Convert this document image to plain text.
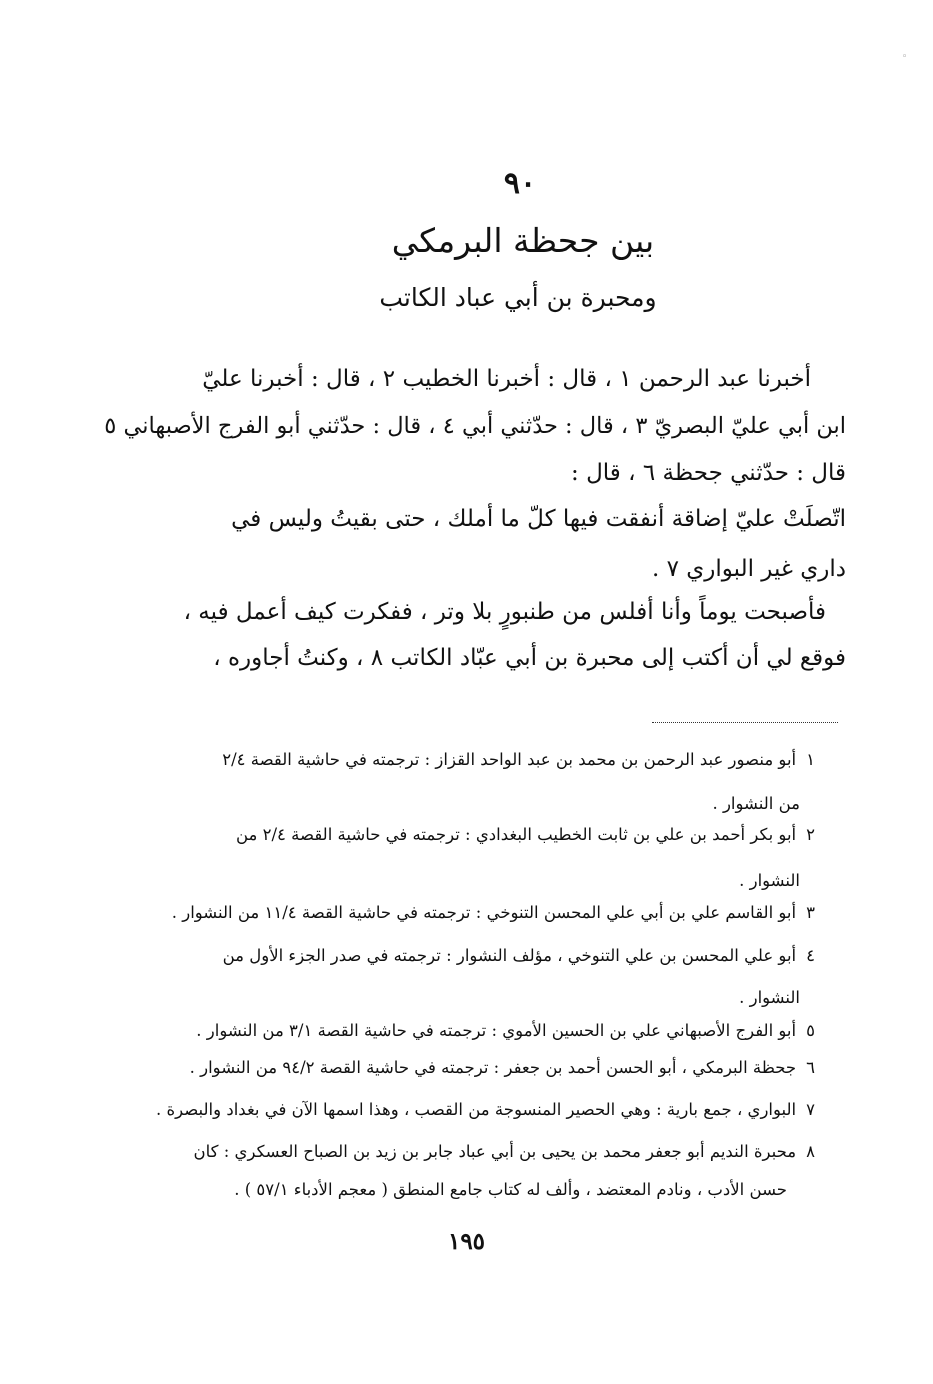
◦
٩٠
بين جحظة البرمكي
ومحبرة بن أبي عباد الكاتب
أخبرنا عبد الرحمن ١ ، قال : أخبرنا الخطيب ٢ ، قال : أخبرنا عليّ
ابن أبي عليّ البصريّ ٣ ، قال : حدّثني أبي ٤ ، قال : حدّثني أبو الفرج الأصبهاني ٥
قال : حدّثني جحظة ٦ ، قال :
اتّصلَتْ عليّ إضاقة أنفقت فيها كلّ ما أملك ، حتى بقيتُ وليس في
داري غير البواري ٧ .
فأصبحت يوماً وأنا أفلس من طنبورٍ بلا وتر ، ففكرت كيف أعمل فيه ،
فوقع لي أن أكتب إلى محبرة بن أبي عبّاد الكاتب ٨ ، وكنتُ أجاوره ،
١أبو منصور عبد الرحمن بن محمد بن عبد الواحد القزاز : ترجمته في حاشية القصة ٢/٤
من النشوار .
٢أبو بكر أحمد بن علي بن ثابت الخطيب البغدادي : ترجمته في حاشية القصة ٢/٤ من
النشوار .
٣أبو القاسم علي بن أبي علي المحسن التنوخي : ترجمته في حاشية القصة ١١/٤ من النشوار .
٤أبو علي المحسن بن علي التنوخي ، مؤلف النشوار : ترجمته في صدر الجزء الأول من
النشوار .
٥أبو الفرج الأصبهاني علي بن الحسين الأموي : ترجمته في حاشية القصة ٣/١ من النشوار .
٦جحظة البرمكي ، أبو الحسن أحمد بن جعفر : ترجمته في حاشية القصة ٩٤/٢ من النشوار .
٧البواري ، جمع بارية : وهي الحصير المنسوجة من القصب ، وهذا اسمها الآن في بغداد والبصرة .
٨محبرة النديم أبو جعفر محمد بن يحيى بن أبي عباد جابر بن زيد بن الصباح العسكري : كان
حسن الأدب ، ونادم المعتضد ، وألف له كتاب جامع المنطق ( معجم الأدباء ٥٧/١ ) .
١٩٥
